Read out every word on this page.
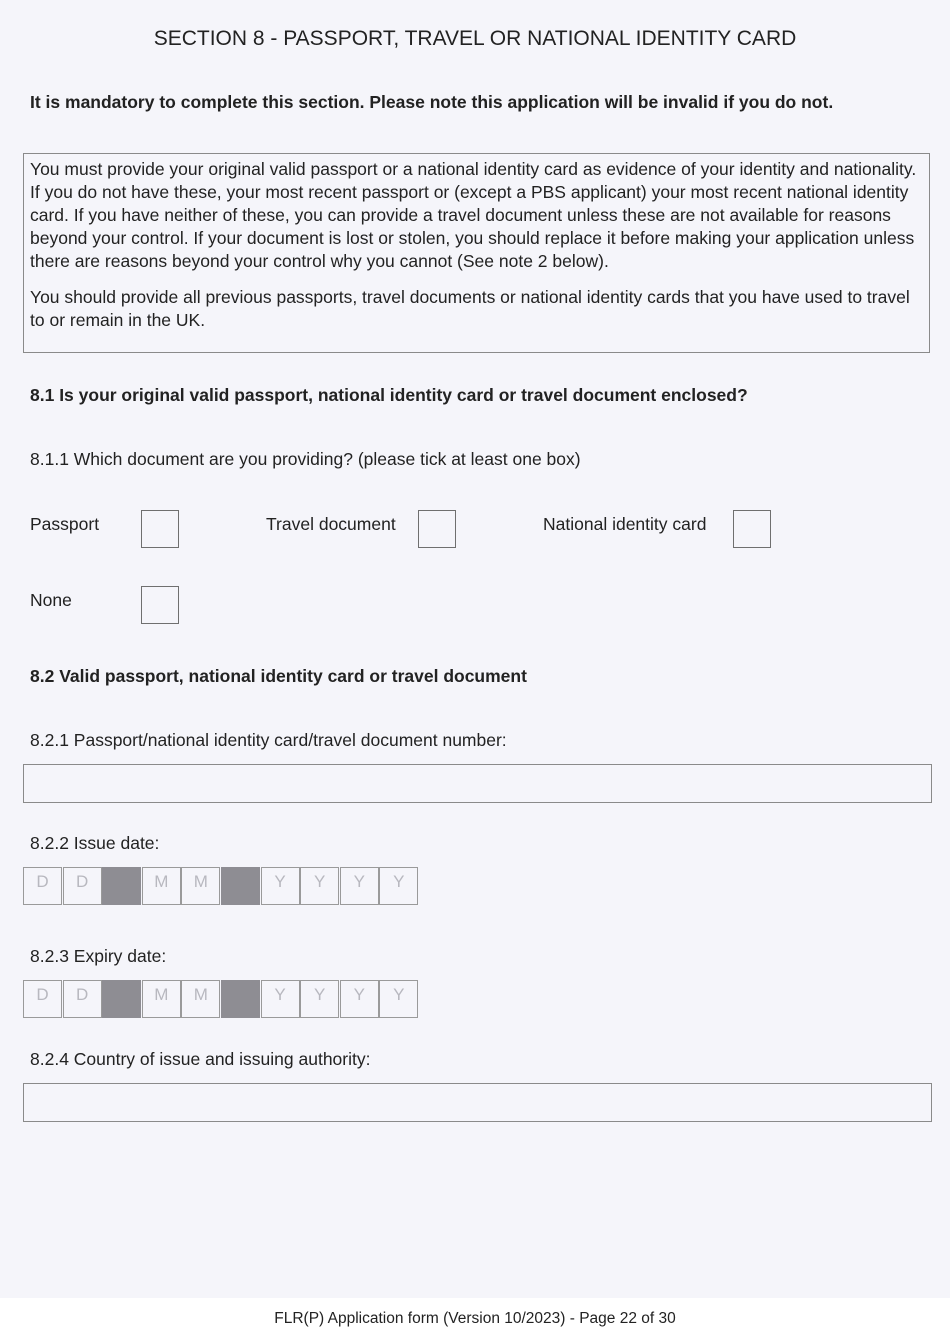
SECTION 8 - PASSPORT, TRAVEL OR NATIONAL IDENTITY CARD
It is mandatory to complete this section. Please note this application will be invalid if you do not.

You must provide your original valid passport or a national identity card as evidence of your identity and nationality. If you do not have these, your most recent passport or (except a PBS applicant) your most recent national identity card. If you have neither of these, you can provide a travel document unless these are not available for reasons beyond your control. If your document is lost or stolen, you should replace it before making your application unless there are reasons beyond your control why you cannot (See note 2 below).

You should provide all previous passports, travel documents or national identity cards that you have used to travel to or remain in the UK.

8.1 Is your original valid passport, national identity card or travel document enclosed?
8.1.1 Which document are you providing? (please tick at least one box)
Passport	Travel document	National identity card
None
8.2 Valid passport, national identity card or travel document
8.2.1 Passport/national identity card/travel document number:
8.2.2 Issue date:
D	D	M	M	Y	Y	Y	Y
8.2.3 Expiry date:
D	D	M	M	Y	Y	Y	Y
8.2.4 Country of issue and issuing authority:
FLR(P) Application form (Version 10/2023) - Page 22 of 30
